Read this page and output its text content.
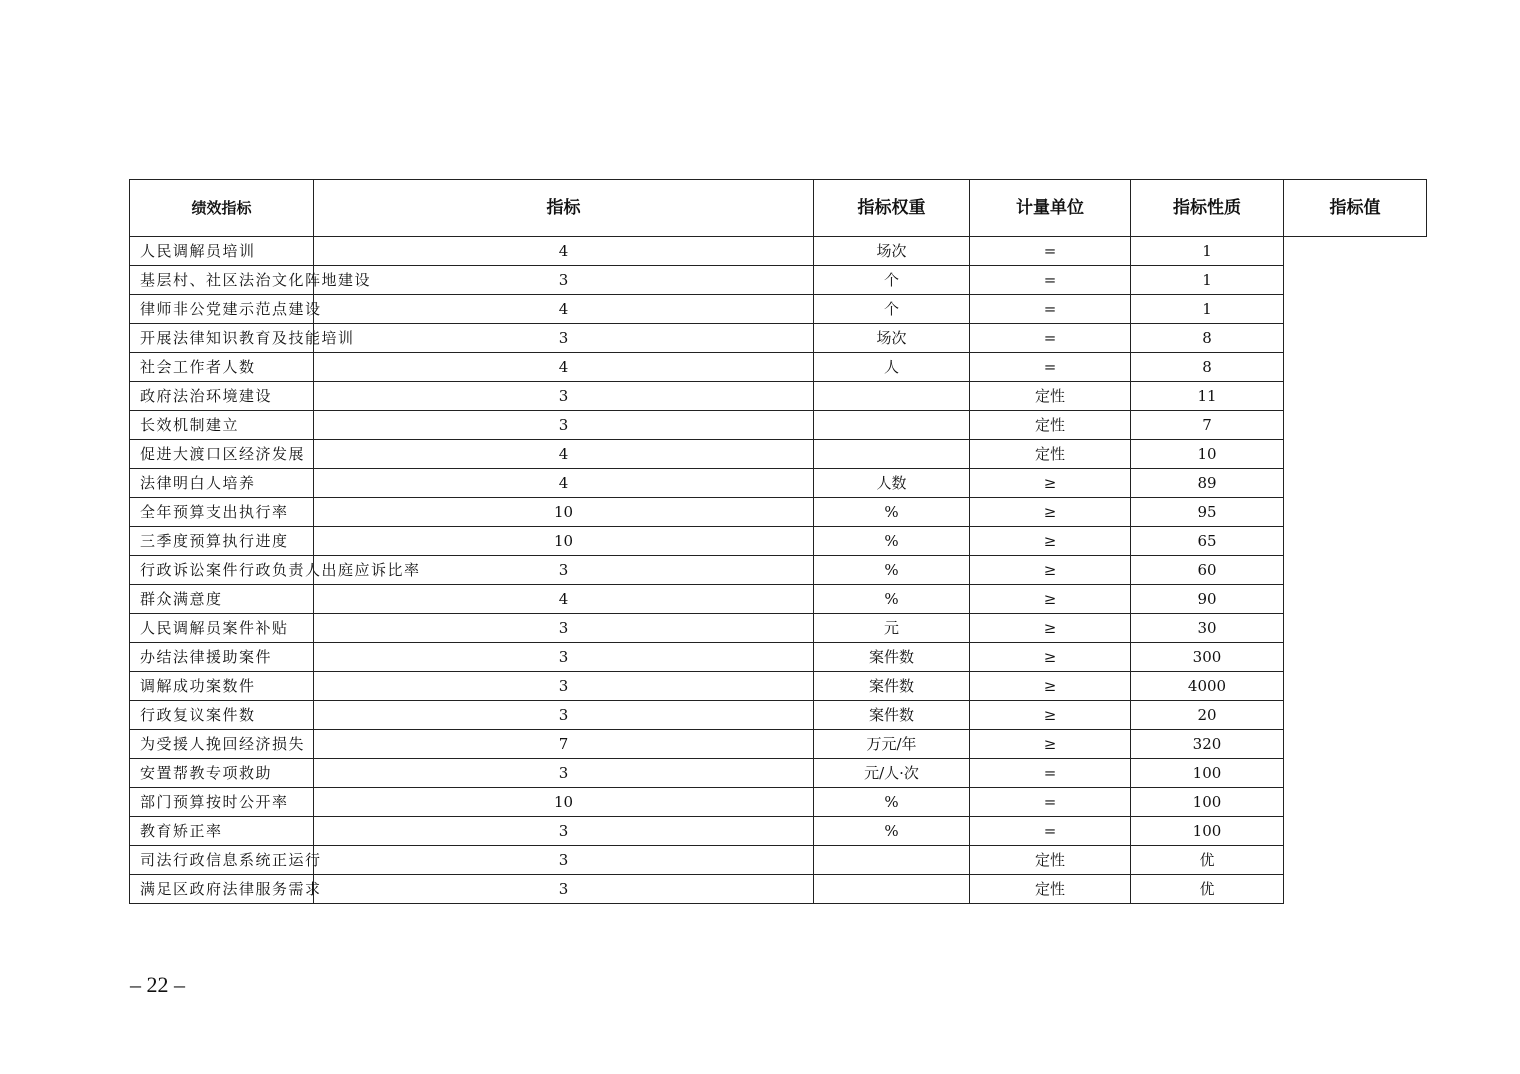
绩效指标	指标	指标权重	计量单位	指标性质	指标值
人民调解员培训	4	场次	=	1	
基层村、社区法治文化阵地建设	3	个	=	1	
律师非公党建示范点建设	4	个	=	1	
开展法律知识教育及技能培训	3	场次	=	8	
社会工作者人数	4	人	=	8	
政府法治环境建设	3		定性	11	
长效机制建立	3		定性	7	
促进大渡口区经济发展	4		定性	10	
法律明白人培养	4	人数	≥	89	
全年预算支出执行率	10	%	≥	95	
三季度预算执行进度	10	%	≥	65	
行政诉讼案件行政负责人出庭应诉比率	3	%	≥	60	
群众满意度	4	%	≥	90	
人民调解员案件补贴	3	元	≥	30	
办结法律援助案件	3	案件数	≥	300	
调解成功案数件	3	案件数	≥	4000	
行政复议案件数	3	案件数	≥	20	
为受援人挽回经济损失	7	万元/年	≥	320	
安置帮教专项救助	3	元/人·次	=	100	
部门预算按时公开率	10	%	=	100	
教育矫正率	3	%	=	100	
司法行政信息系统正运行	3		定性	优	
满足区政府法律服务需求	3		定性	优	
– 22 –
